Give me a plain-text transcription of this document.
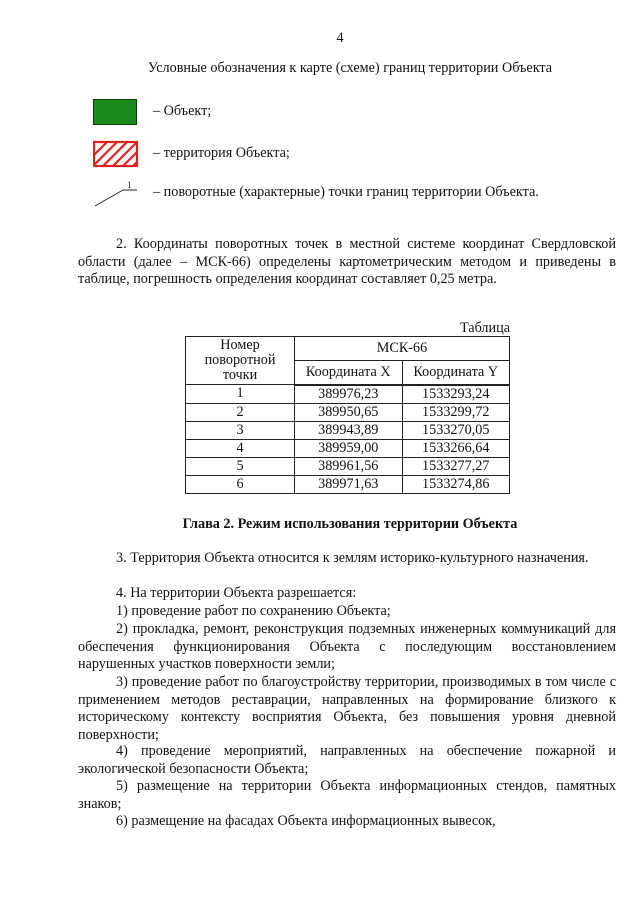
4
Условные обозначения к карте (схеме) границ территории Объекта
– Объект;
– территория Объекта;
1 – поворотные (характерные) точки границ территории Объекта.
2. Координаты поворотных точек в местной системе координат Свердловской области (далее – МСК-66) определены картометрическим методом и приведены в таблице, погрешность определения координат составляет 0,25 метра.
Таблица
Номер поворотной точки	МСК-66	
	Координата X	Координата Y
1	389976,23	1533293,24
2	389950,65	1533299,72
3	389943,89	1533270,05
4	389959,00	1533266,64
5	389961,56	1533277,27
6	389971,63	1533274,86
Глава 2. Режим использования территории Объекта
3. Территория Объекта относится к землям историко-культурного назначения.
4. На территории Объекта разрешается:
1) проведение работ по сохранению Объекта;
2) прокладка, ремонт, реконструкция подземных инженерных коммуникаций для обеспечения функционирования Объекта с последующим восстановлением нарушенных участков поверхности земли;
3) проведение работ по благоустройству территории, производимых в том числе с применением методов реставрации, направленных на формирование близкого к историческому контексту восприятия Объекта, без повышения уровня дневной поверхности;
4) проведение мероприятий, направленных на обеспечение пожарной и экологической безопасности Объекта;
5) размещение на территории Объекта информационных стендов, памятных знаков;
6) размещение на фасадах Объекта информационных вывесок,
